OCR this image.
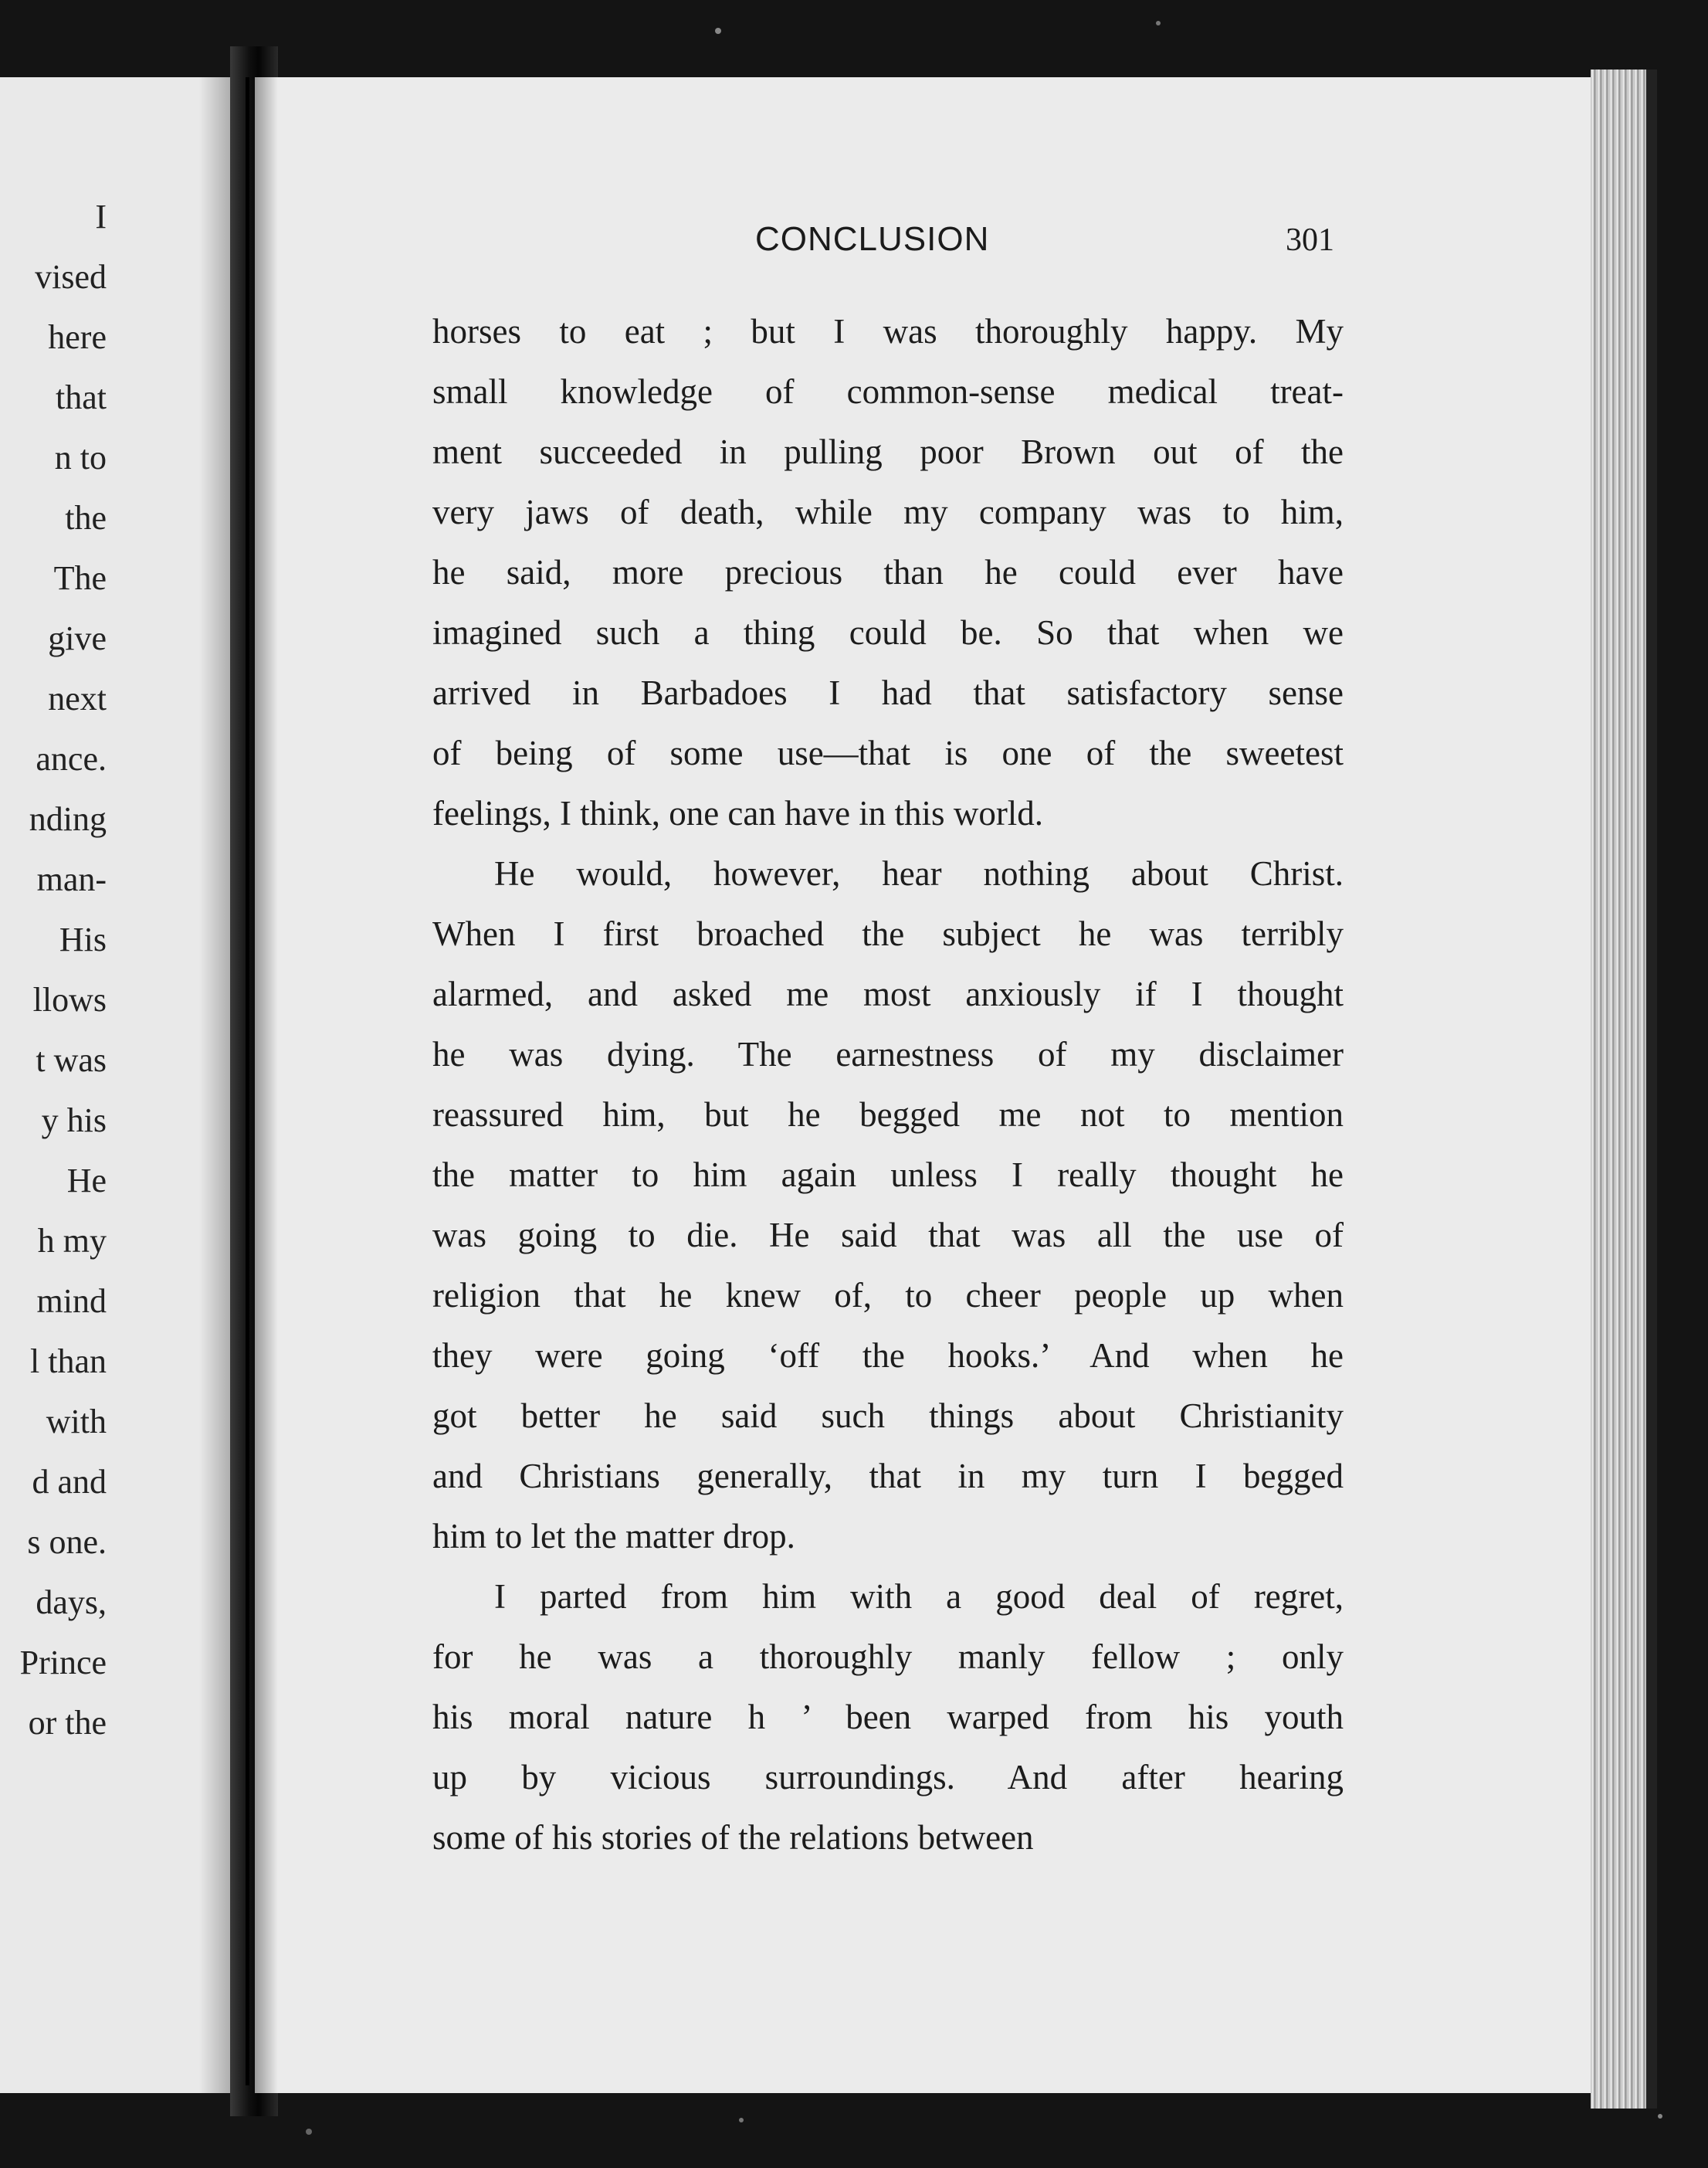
I
vised
here
that
n to
the
The
give
next
ance.
nding
man-
His
llows
t was
y his
He
h my
mind
l than
with
d and
s one.
days,
Prince
or the
CONCLUSION	301
horses to eat ; but I was thoroughly happy. My
small knowledge of common-sense medical treat-
ment succeeded in pulling poor Brown out of the
very jaws of death, while my company was to him,
he said, more precious than he could ever have
imagined such a thing could be. So that when we
arrived in Barbadoes I had that satisfactory sense
of being of some use—that is one of the sweetest
feelings, I think, one can have in this world.
He would, however, hear nothing about Christ.
When I first broached the subject he was terribly
alarmed, and asked me most anxiously if I thought
he was dying. The earnestness of my disclaimer
reassured him, but he begged me not to mention
the matter to him again unless I really thought he
was going to die. He said that was all the use of
religion that he knew of, to cheer people up when
they were going ‘off the hooks.’ And when he
got better he said such things about Christianity
and Christians generally, that in my turn I begged
him to let the matter drop.
I parted from him with a good deal of regret,
for he was a thoroughly manly fellow ; only
his moral nature h ’ been warped from his youth
up by vicious surroundings. And after hearing
some of his stories of the relations between
